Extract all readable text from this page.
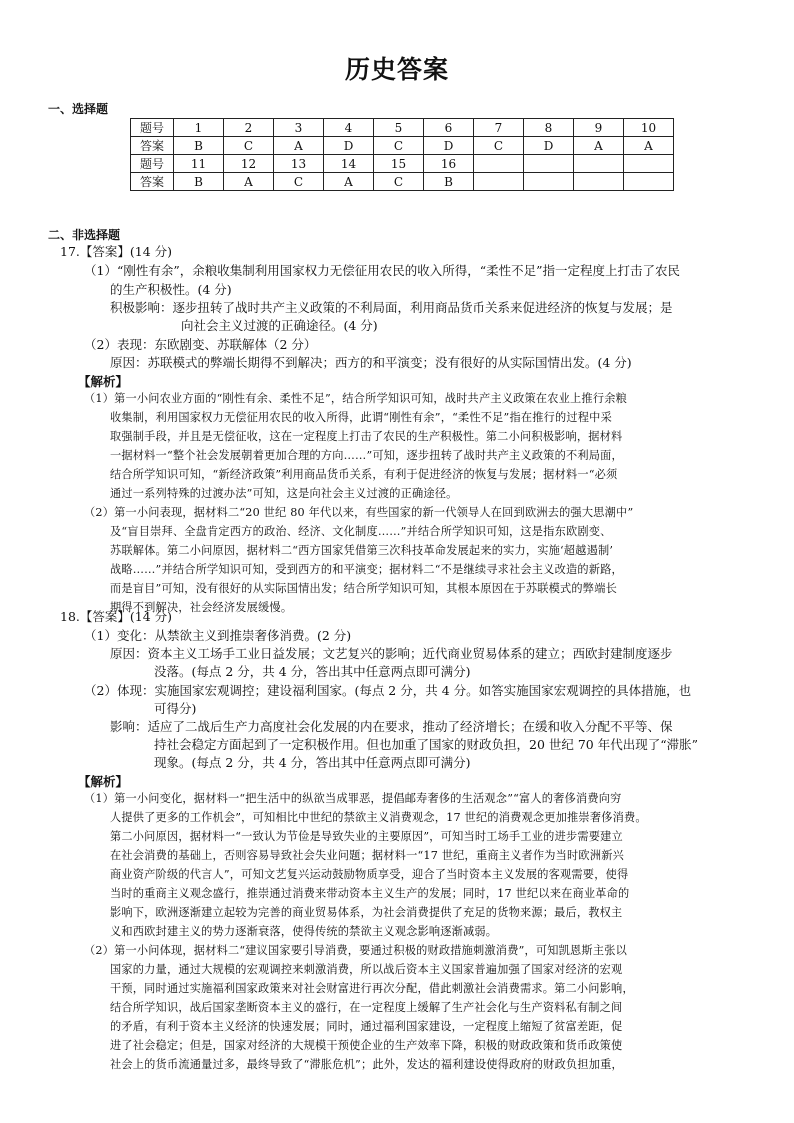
历史答案
一、选择题
题号	1	2	3	4	5	6	7	8	9	10
答案	B	C	A	D	C	D	C	D	A	A
题号	11	12	13	14	15	16				
答案	B	A	C	A	C	B				
二、非选择题
17.【答案】(14 分)
（1）“刚性有余”，余粮收集制利用国家权力无偿征用农民的收入所得，“柔性不足”指一定程度上打击了农民
的生产积极性。(4 分)
积极影响：逐步扭转了战时共产主义政策的不利局面，利用商品货币关系来促进经济的恢复与发展；是
向社会主义过渡的正确途径。(4 分)
（2）表现：东欧剧变、苏联解体（2 分）
原因：苏联模式的弊端长期得不到解决；西方的和平演变；没有很好的从实际国情出发。(4 分)
【解析】
（1）第一小问农业方面的“刚性有余、柔性不足”，结合所学知识可知，战时共产主义政策在农业上推行余粮
收集制，利用国家权力无偿征用农民的收入所得，此谓“刚性有余”，“柔性不足”指在推行的过程中采
取强制手段，并且是无偿征收，这在一定程度上打击了农民的生产积极性。第二小问积极影响，据材料
一据材料一“整个社会发展朝着更加合理的方向……”可知，逐步扭转了战时共产主义政策的不利局面，
结合所学知识可知，“新经济政策”利用商品货币关系，有利于促进经济的恢复与发展；据材料一“必须
通过一系列特殊的过渡办法”可知，这是向社会主义过渡的正确途径。
（2）第一小问表现，据材料二“20 世纪 80 年代以来，有些国家的新一代领导人在回到欧洲去的强大思潮中”
及“盲目崇拜、全盘肯定西方的政治、经济、文化制度……”并结合所学知识可知，这是指东欧剧变、
苏联解体。第二小问原因，据材料二“西方国家凭借第三次科技革命发展起来的实力，实施‘超越遏制’
战略……”并结合所学知识可知，受到西方的和平演变；据材料二“不是继续寻求社会主义改造的新路，
而是盲目”可知，没有很好的从实际国情出发；结合所学知识可知，其根本原因在于苏联模式的弊端长
期得不到解决，社会经济发展缓慢。
18.【答案】(14 分)
（1）变化：从禁欲主义到推崇奢侈消费。(2 分)
原因：资本主义工场手工业日益发展；文艺复兴的影响；近代商业贸易体系的建立；西欧封建制度逐步
没落。(每点 2 分，共 4 分，答出其中任意两点即可满分)
（2）体现：实施国家宏观调控；建设福利国家。(每点 2 分，共 4 分。如答实施国家宏观调控的具体措施，也
可得分)
影响：适应了二战后生产力高度社会化发展的内在要求，推动了经济增长；在缓和收入分配不平等、保
持社会稳定方面起到了一定积极作用。但也加重了国家的财政负担，20 世纪 70 年代出现了“滞胀”
现象。(每点 2 分，共 4 分，答出其中任意两点即可满分)
【解析】
（1）第一小问变化，据材料一“把生活中的纵欲当成罪恶，提倡邮寿奢侈的生活观念”“富人的奢侈消费向穷
人提供了更多的工作机会”，可知相比中世纪的禁欲主义消费观念，17 世纪的消费观念更加推崇奢侈消费。
第二小问原因，据材料一“一致认为节俭是导致失业的主要原因”，可知当时工场手工业的进步需要建立
在社会消费的基础上，否则容易导致社会失业问题；据材料一“17 世纪，重商主义者作为当时欧洲新兴
商业资产阶级的代言人”，可知文艺复兴运动鼓励物质享受，迎合了当时资本主义发展的客观需要，使得
当时的重商主义观念盛行，推崇通过消费来带动资本主义生产的发展；同时，17 世纪以来在商业革命的
影响下，欧洲逐渐建立起较为完善的商业贸易体系，为社会消费提供了充足的货物来源；最后，教权主
义和西欧封建主义的势力逐渐衰落，使得传统的禁欲主义观念影响逐渐减弱。
（2）第一小问体现，据材料二“建议国家要引导消费，要通过积极的财政措施刺激消费”，可知凯恩斯主张以
国家的力量，通过大规模的宏观调控来刺激消费，所以战后资本主义国家普遍加强了国家对经济的宏观
干预，同时通过实施福利国家政策来对社会财富进行再次分配，借此刺激社会消费需求。第二小问影响，
结合所学知识，战后国家垄断资本主义的盛行，在一定程度上缓解了生产社会化与生产资料私有制之间
的矛盾，有利于资本主义经济的快速发展；同时，通过福利国家建设，一定程度上缩短了贫富差距，促
进了社会稳定；但是，国家对经济的大规模干预使企业的生产效率下降，积极的财政政策和货币政策使
社会上的货币流通量过多，最终导致了“滞胀危机”；此外，发达的福利建设使得政府的财政负担加重，
